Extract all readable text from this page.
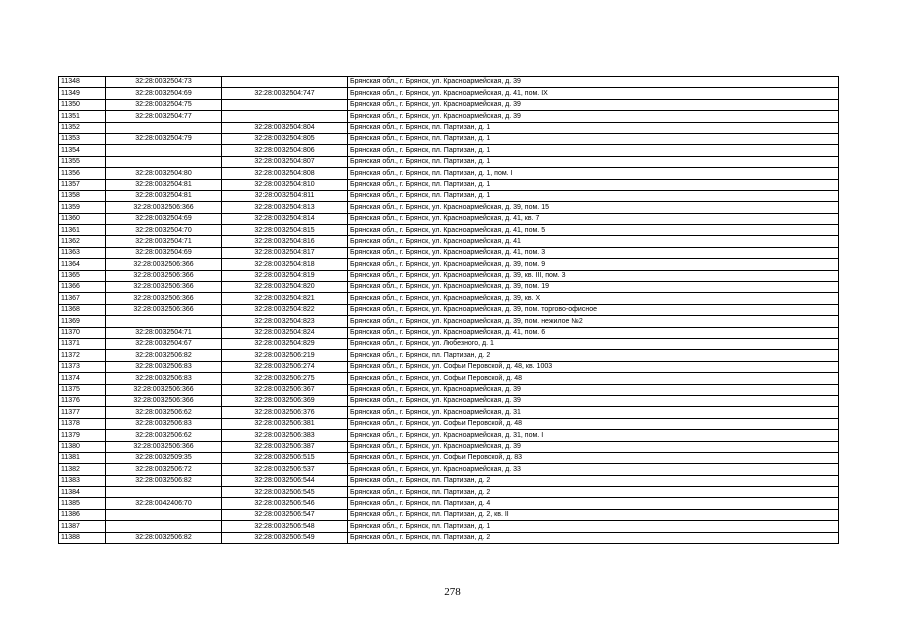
11348	32:28:0032504:73		Брянская обл., г. Брянск, ул. Красноармейская, д. 39
11349	32:28:0032504:69	32:28:0032504:747	Брянская обл., г. Брянск, ул. Красноармейская, д. 41, пом. IX
11350	32:28:0032504:75		Брянская обл., г. Брянск, ул. Красноармейская, д. 39
11351	32:28:0032504:77		Брянская обл., г. Брянск, ул. Красноармейская, д. 39
11352		32:28:0032504:804	Брянская обл., г. Брянск, пл. Партизан, д. 1
11353	32:28:0032504:79	32:28:0032504:805	Брянская обл., г. Брянск, пл. Партизан, д. 1
11354		32:28:0032504:806	Брянская обл., г. Брянск, пл. Партизан, д. 1
11355		32:28:0032504:807	Брянская обл., г. Брянск, пл. Партизан, д. 1
11356	32:28:0032504:80	32:28:0032504:808	Брянская обл., г. Брянск, пл. Партизан, д. 1, пом. I
11357	32:28:0032504:81	32:28:0032504:810	Брянская обл., г. Брянск, пл. Партизан, д. 1
11358	32:28:0032504:81	32:28:0032504:811	Брянская обл., г. Брянск, пл. Партизан, д. 1
11359	32:28:0032506:366	32:28:0032504:813	Брянская обл., г. Брянск, ул. Красноармейская, д. 39, пом. 15
11360	32:28:0032504:69	32:28:0032504:814	Брянская обл., г. Брянск, ул. Красноармейская, д. 41, кв. 7
11361	32:28:0032504:70	32:28:0032504:815	Брянская обл., г. Брянск, ул. Красноармейская, д. 41, пом. 5
11362	32:28:0032504:71	32:28:0032504:816	Брянская обл., г. Брянск, ул. Красноармейская, д. 41
11363	32:28:0032504:69	32:28:0032504:817	Брянская обл., г. Брянск, ул. Красноармейская, д. 41, пом. 3
11364	32:28:0032506:366	32:28:0032504:818	Брянская обл., г. Брянск, ул. Красноармейская, д. 39, пом. 9
11365	32:28:0032506:366	32:28:0032504:819	Брянская обл., г. Брянск, ул. Красноармейская, д. 39, кв. III, пом. 3
11366	32:28:0032506:366	32:28:0032504:820	Брянская обл., г. Брянск, ул. Красноармейская, д. 39, пом. 19
11367	32:28:0032506:366	32:28:0032504:821	Брянская обл., г. Брянск, ул. Красноармейская, д. 39, кв. X
11368	32:28:0032506:366	32:28:0032504:822	Брянская обл., г. Брянск, ул. Красноармейская, д. 39, пом. торгово-офисное
11369		32:28:0032504:823	Брянская обл., г. Брянск, ул. Красноармейская, д. 39, пом. нежилое №2
11370	32:28:0032504:71	32:28:0032504:824	Брянская обл., г. Брянск, ул. Красноармейская, д. 41, пом. 6
11371	32:28:0032504:67	32:28:0032504:829	Брянская обл., г. Брянск, ул. Любезного, д. 1
11372	32:28:0032506:82	32:28:0032506:219	Брянская обл., г. Брянск, пл. Партизан, д. 2
11373	32:28:0032506:83	32:28:0032506:274	Брянская обл., г. Брянск, ул. Софьи Перовской, д. 48, кв. 1003
11374	32:28:0032506:83	32:28:0032506:275	Брянская обл., г. Брянск, ул. Софьи Перовской, д. 48
11375	32:28:0032506:366	32:28:0032506:367	Брянская обл., г. Брянск, ул. Красноармейская, д. 39
11376	32:28:0032506:366	32:28:0032506:369	Брянская обл., г. Брянск, ул. Красноармейская, д. 39
11377	32:28:0032506:62	32:28:0032506:376	Брянская обл., г. Брянск, ул. Красноармейская, д. 31
11378	32:28:0032506:83	32:28:0032506:381	Брянская обл., г. Брянск, ул. Софьи Перовской, д. 48
11379	32:28:0032506:62	32:28:0032506:383	Брянская обл., г. Брянск, ул. Красноармейская, д. 31, пом. I
11380	32:28:0032506:366	32:28:0032506:387	Брянская обл., г. Брянск, ул. Красноармейская, д. 39
11381	32:28:0032509:35	32:28:0032506:515	Брянская обл., г. Брянск, ул. Софьи Перовской, д. 83
11382	32:28:0032506:72	32:28:0032506:537	Брянская обл., г. Брянск, ул. Красноармейская, д. 33
11383	32:28:0032506:82	32:28:0032506:544	Брянская обл., г. Брянск, пл. Партизан, д. 2
11384		32:28:0032506:545	Брянская обл., г. Брянск, пл. Партизан, д. 2
11385	32:28:0042406:70	32:28:0032506:546	Брянская обл., г. Брянск, пл. Партизан, д. 4
11386		32:28:0032506:547	Брянская обл., г. Брянск, пл. Партизан, д. 2, кв. II
11387		32:28:0032506:548	Брянская обл., г. Брянск, пл. Партизан, д. 1
11388	32:28:0032506:82	32:28:0032506:549	Брянская обл., г. Брянск, пл. Партизан, д. 2
278
